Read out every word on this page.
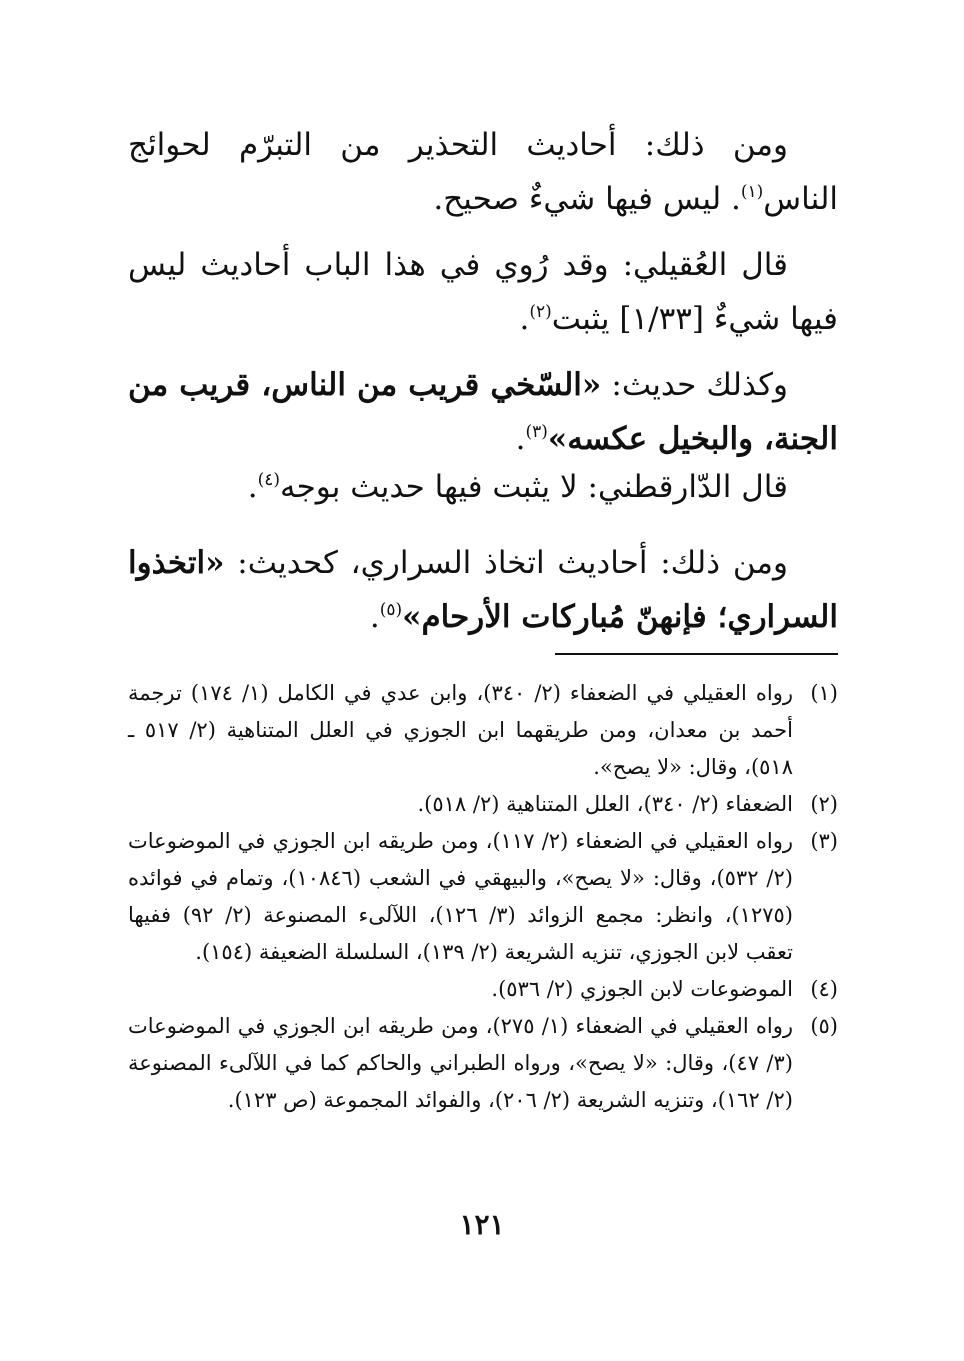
ومن ذلك: أحاديث التحذير من التبرّم لحوائج الناس$^{(١)}$. ليس فيها شيءٌ صحيح.

قال العُقيلي: وقد رُوي في هذا الباب أحاديث ليس فيها شيءٌ [١/٣٣] يثبت$^{(٢)}$.

وكذلك حديث: «السّخي قريب من الناس، قريب من الجنة، والبخيل عكسه»$^{(٣)}$.

قال الدّارقطني: لا يثبت فيها حديث بوجه$^{(٤)}$.

ومن ذلك: أحاديث اتخاذ السراري، كحديث: «اتخذوا السراري؛ فإنهنّ مُباركات الأرحام»$^{(٥)}$.

(١)
رواه العقيلي في الضعفاء (٢/ ٣٤٠)، وابن عدي في الكامل (١/ ١٧٤) ترجمة أحمد بن معدان، ومن طريقهما ابن الجوزي في العلل المتناهية (٢/ ٥١٧ ـ ٥١٨)، وقال: «لا يصح».

(٢)
الضعفاء (٢/ ٣٤٠)، العلل المتناهية (٢/ ٥١٨).

(٣)
رواه العقيلي في الضعفاء (٢/ ١١٧)، ومن طريقه ابن الجوزي في الموضوعات (٢/ ٥٣٢)، وقال: «لا يصح»، والبيهقي في الشعب (١٠٨٤٦)، وتمام في فوائده (١٢٧٥)، وانظر: مجمع الزوائد (٣/ ١٢٦)، اللآلىء المصنوعة (٢/ ٩٢) ففيها تعقب لابن الجوزي، تنزيه الشريعة (٢/ ١٣٩)، السلسلة الضعيفة (١٥٤).

(٤)
الموضوعات لابن الجوزي (٢/ ٥٣٦).

(٥)
رواه العقيلي في الضعفاء (١/ ٢٧٥)، ومن طريقه ابن الجوزي في الموضوعات (٣/ ٤٧)، وقال: «لا يصح»، ورواه الطبراني والحاكم كما في اللآلىء المصنوعة (٢/ ١٦٢)، وتنزيه الشريعة (٢/ ٢٠٦)، والفوائد المجموعة (ص ١٢٣).

١٢١
